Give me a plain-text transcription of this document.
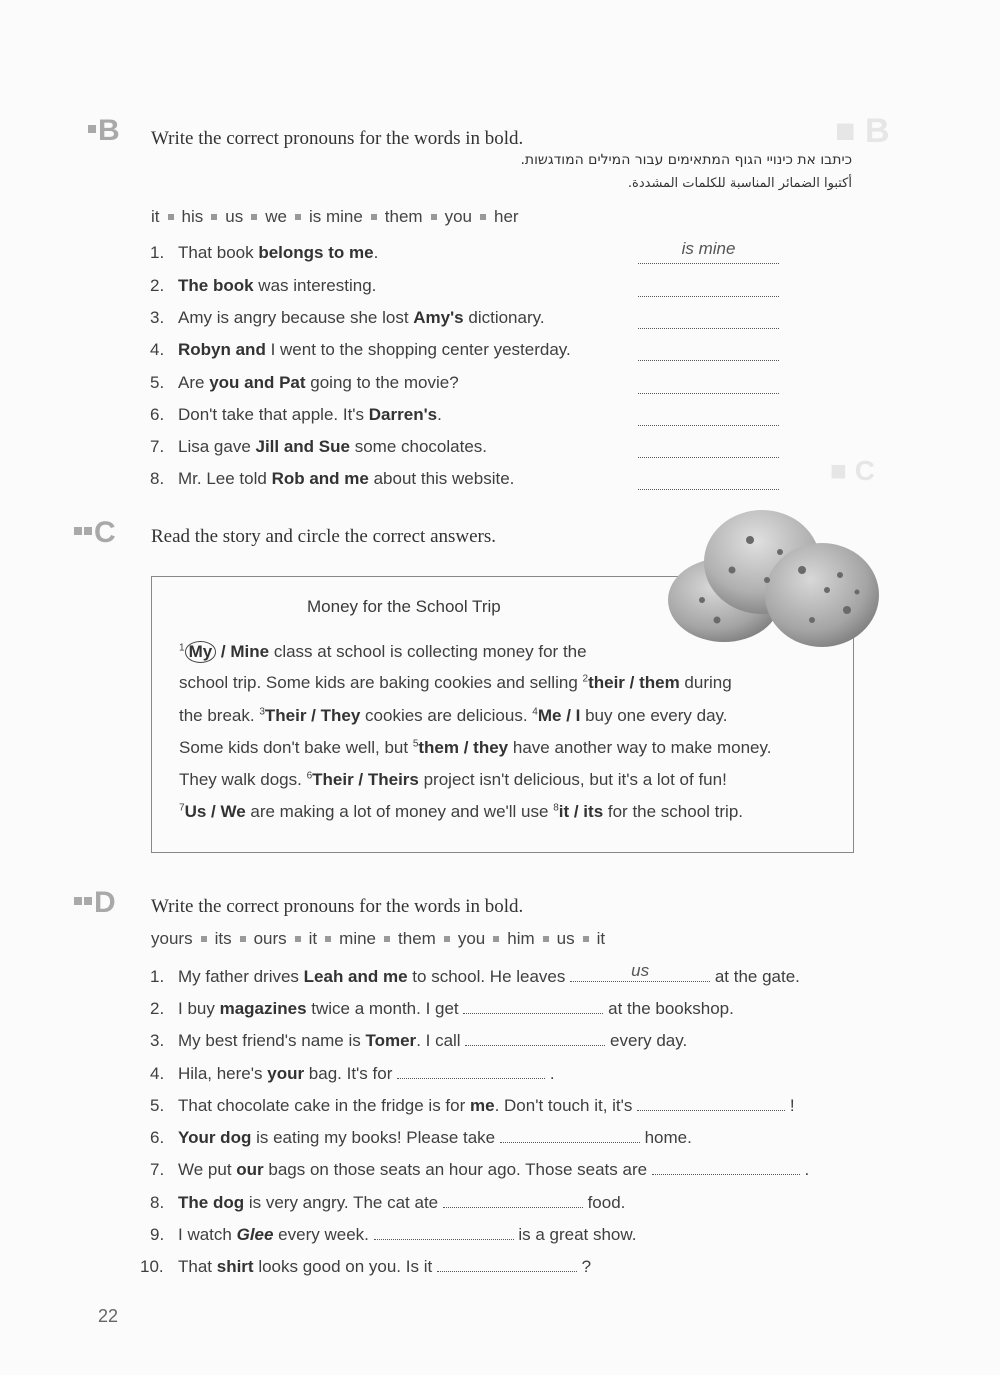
■ B
■ C
B Write the correct pronouns for the words in bold.
כיתבו את כינויי הגוף המתאימים עבור המילים המודגשות.
أكتبوا الضمائر المناسبة للكلمات المشددة.
it his us we is mine them you her
1. That book belongs to me.	is mine
2. The book was interesting.
3. Amy is angry because she lost Amy's dictionary.
4. Robyn and I went to the shopping center yesterday.
5. Are you and Pat going to the movie?
6. Don't take that apple. It's Darren's.
7. Lisa gave Jill and Sue some chocolates.
8. Mr. Lee told Rob and me about this website.
C Read the story and circle the correct answers.
Money for the School Trip
$^1$ My / Mine class at school is collecting money for the
school trip. Some kids are baking cookies and selling $^2$their / them during
the break. $^3$Their / They cookies are delicious. $^4$Me / I buy one every day.
Some kids don't bake well, but $^5$them / they have another way to make money.
They walk dogs. $^6$Their / Theirs project isn't delicious, but it's a lot of fun!
$^7$Us / We are making a lot of money and we'll use $^8$it / its for the school trip.
D Write the correct pronouns for the words in bold.
yours its ours it mine them you him us it
1. My father drives Leah and me to school. He leaves	us	at the gate.
2. I buy magazines twice a month. I get	at the bookshop.
3. My best friend's name is Tomer. I call	every day.
4. Hila, here's your bag. It's for	.
5. That chocolate cake in the fridge is for me. Don't touch it, it's	!
6. Your dog is eating my books! Please take	home.
7. We put our bags on those seats an hour ago. Those seats are	.
8. The dog is very angry. The cat ate	food.
9. I watch Glee every week.	is a great show.
10. That shirt looks good on you. Is it	?
22
